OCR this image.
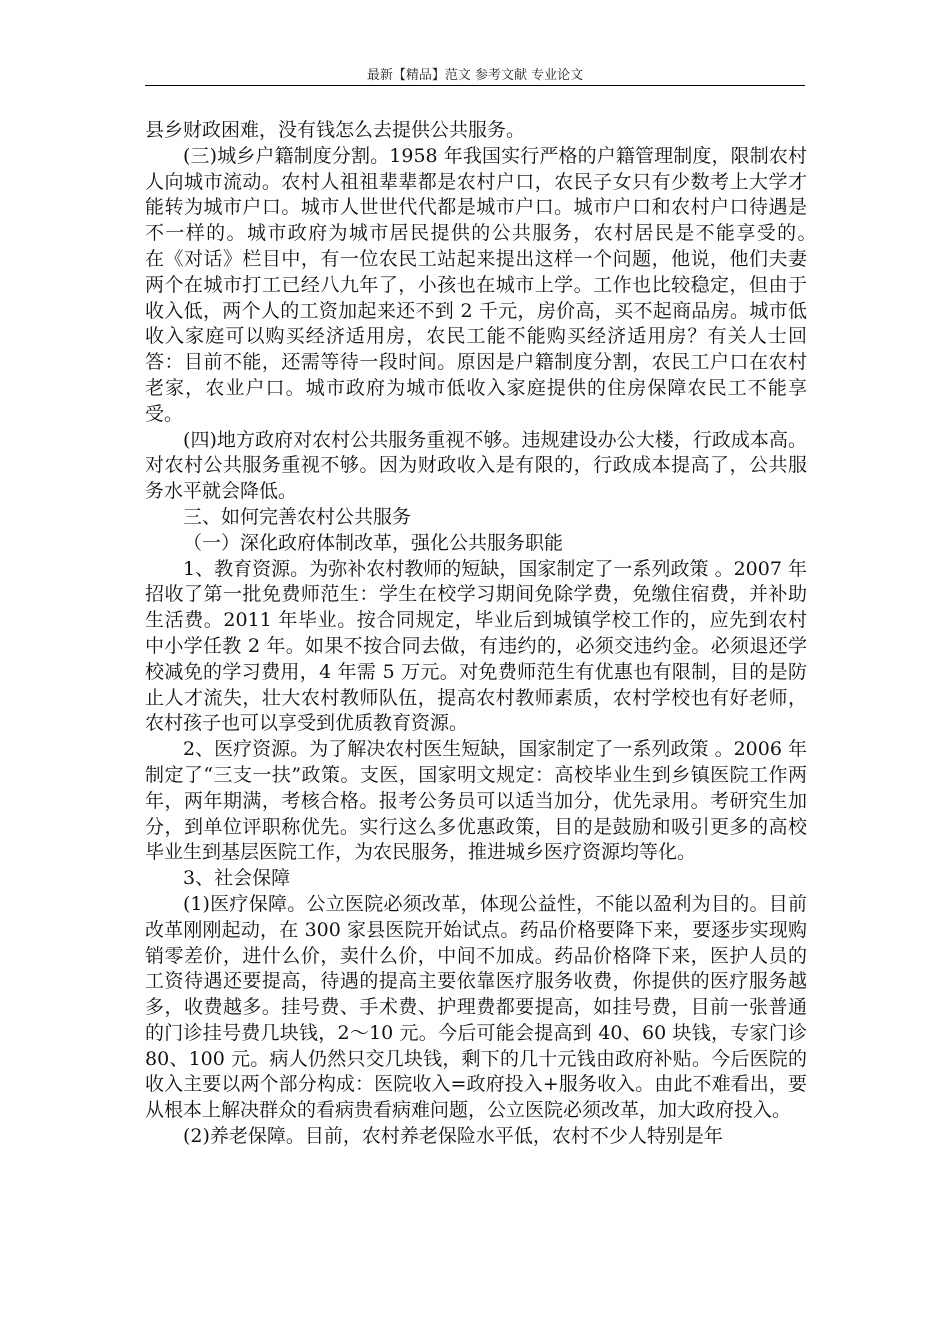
最新【精品】范文 参考文献 专业论文

县乡财政困难，没有钱怎么去提供公共服务。

(三)城乡户籍制度分割。1958 年我国实行严格的户籍管理制度，限制农村人向城市流动。农村人祖祖辈辈都是农村户口，农民子女只有少数考上大学才能转为城市户口。城市人世世代代都是城市户口。城市户口和农村户口待遇是不一样的。城市政府为城市居民提供的公共服务，农村居民是不能享受的。　　　在《对话》栏目中，有一位农民工站起来提出这样一个问题，他说，他们夫妻两个在城市打工已经八九年了，小孩也在城市上学。工作也比较稳定，但由于收入低，两个人的工资加起来还不到 2 千元，房价高，买不起商品房。城市低收入家庭可以购买经济适用房，农民工能不能购买经济适用房？有关人士回答：目前不能，还需等待一段时间。原因是户籍制度分割，农民工户口在农村老家，农业户口。城市政府为城市低收入家庭提供的住房保障农民工不能享受。

(四)地方政府对农村公共服务重视不够。违规建设办公大楼，行政成本高。对农村公共服务重视不够。因为财政收入是有限的，行政成本提高了，公共服务水平就会降低。

三、如何完善农村公共服务

（一）深化政府体制改革，强化公共服务职能

1、教育资源。为弥补农村教师的短缺，国家制定了一系列政策 。2007 年招收了第一批免费师范生：学生在校学习期间免除学费，免缴住宿费，并补助生活费。2011 年毕业。按合同规定，毕业后到城镇学校工作的，应先到农村中小学任教 2 年。如果不按合同去做，有违约的，必须交违约金。必须退还学校减免的学习费用，4 年需 5 万元。对免费师范生有优惠也有限制，目的是防止人才流失，壮大农村教师队伍，提高农村教师素质，农村学校也有好老师，农村孩子也可以享受到优质教育资源。

2、医疗资源。为了解决农村医生短缺，国家制定了一系列政策 。2006 年制定了“三支一扶”政策。支医，国家明文规定：高校毕业生到乡镇医院工作两年，两年期满，考核合格。报考公务员可以适当加分，优先录用。考研究生加分，到单位评职称优先。实行这么多优惠政策，目的是鼓励和吸引更多的高校毕业生到基层医院工作，为农民服务，推进城乡医疗资源均等化。

3、社会保障

(1)医疗保障。公立医院必须改革，体现公益性，不能以盈利为目的。目前改革刚刚起动，在 300 家县医院开始试点。药品价格要降下来，要逐步实现购销零差价，进什么价，卖什么价，中间不加成。药品价格降下来，医护人员的工资待遇还要提高，待遇的提高主要依靠医疗服务收费，你提供的医疗服务越多，收费越多。挂号费、手术费、护理费都要提高，如挂号费，目前一张普通的门诊挂号费几块钱，2～10 元。今后可能会提高到 40、60 块钱，专家门诊 80、100 元。病人仍然只交几块钱，剩下的几十元钱由政府补贴。今后医院的收入主要以两个部分构成：医院收入=政府投入+服务收入。由此不难看出，要从根本上解决群众的看病贵看病难问题，公立医院必须改革，加大政府投入。

(2)养老保障。目前，农村养老保险水平低，农村不少人特别是年
